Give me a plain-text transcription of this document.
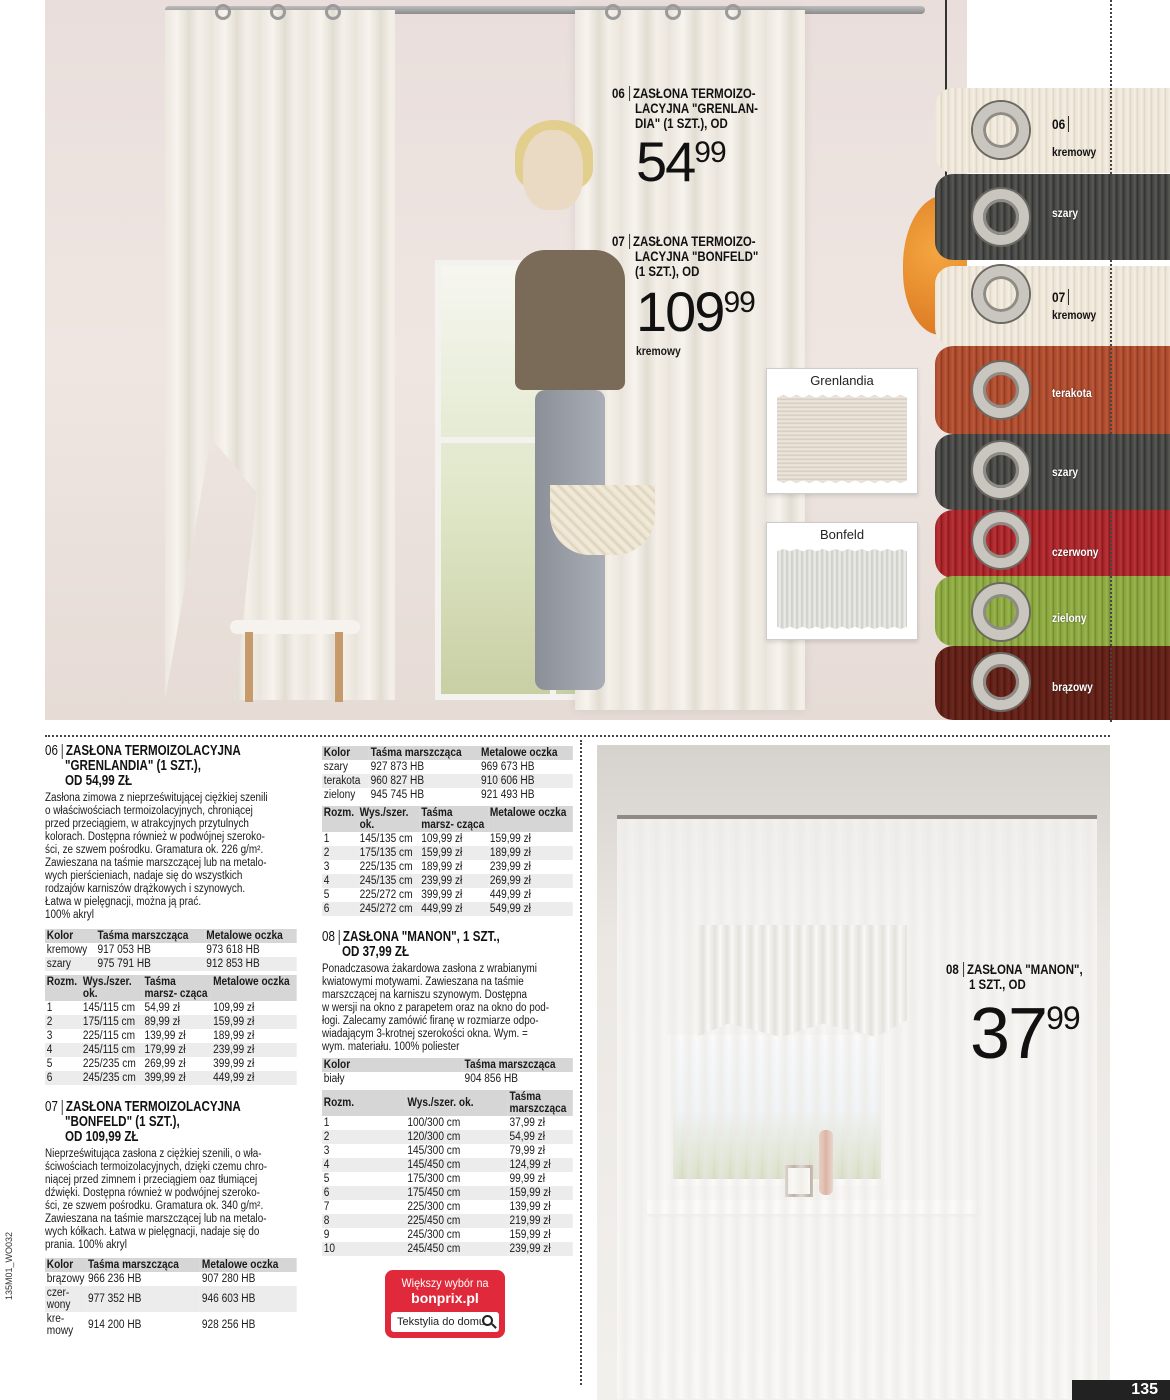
06
kremowy
szary
07
kremowy
terakota
szary
czerwony
zielony
brązowy
Grenlandia
Bonfeld
06 ZASŁONA TERMOIZO-
LACYJNA "GRENLAN-
DIA" (1 SZT.), OD
5499
07 ZASŁONA TERMOIZO-
LACYJNA "BONFELD"
(1 SZT.), OD
10999
kremowy
06 ZASŁONA TERMOIZOLACYJNA
"GRENLANDIA" (1 SZT.),
OD 54,99 ZŁ
Zasłona zimowa z nieprześwitującej ciężkiej szenili
o właściwościach termoizolacyjnych, chroniącej
przed przeciągiem, w atrakcyjnych przytulnych
kolorach. Dostępna również w podwójnej szeroko-
ści, ze szwem pośrodku. Gramatura ok. 226 g/m².
Zawieszana na taśmie marszczącej lub na metalo-
wych pierścieniach, nadaje się do wszystkich
rodzajów karniszów drążkowych i szynowych.
Łatwa w pielęgnacji, można ją prać.
100% akryl
Kolor	Taśma marszcząca	Metalowe oczka
kremowy	917 053 HB	973 618 HB
szary	975 791 HB	912 853 HB
Rozm.	Wys./szer. ok.	Taśma marsz- cząca	Metalowe oczka
1	145/115 cm	54,99 zł	109,99 zł
2	175/115 cm	89,99 zł	159,99 zł
3	225/115 cm	139,99 zł	189,99 zł
4	245/115 cm	179,99 zł	239,99 zł
5	225/235 cm	269,99 zł	399,99 zł
6	245/235 cm	399,99 zł	449,99 zł
07 ZASŁONA TERMOIZOLACYJNA
"BONFELD" (1 SZT.),
OD 109,99 ZŁ
Nieprześwitująca zasłona z ciężkiej szenili, o wła-
ściwościach termoizolacyjnych, dzięki czemu chro-
niącej przed zimnem i przeciągiem oaz tłumiącej
dźwięki. Dostępna również w podwójnej szeroko-
ści, ze szwem pośrodku. Gramatura ok. 340 g/m².
Zawieszana na taśmie marszczącej lub na metalo-
wych kółkach. Łatwa w pielęgnacji, nadaje się do
prania. 100% akryl
Kolor	Taśma marszcząca	Metalowe oczka
brązowy	966 236 HB	907 280 HB
czer- wony	977 352 HB	946 603 HB
kre- mowy	914 200 HB	928 256 HB
Kolor	Taśma marszcząca	Metalowe oczka
szary	927 873 HB	969 673 HB
terakota	960 827 HB	910 606 HB
zielony	945 745 HB	921 493 HB
Rozm.	Wys./szer. ok.	Taśma marsz- cząca	Metalowe oczka
1	145/135 cm	109,99 zł	159,99 zł
2	175/135 cm	159,99 zł	189,99 zł
3	225/135 cm	189,99 zł	239,99 zł
4	245/135 cm	239,99 zł	269,99 zł
5	225/272 cm	399,99 zł	449,99 zł
6	245/272 cm	449,99 zł	549,99 zł
08 ZASŁONA "MANON", 1 SZT.,
OD 37,99 ZŁ
Ponadczasowa żakardowa zasłona z wrabianymi
kwiatowymi motywami. Zawieszana na taśmie
marszczącej na karniszu szynowym. Dostępna
w wersji na okno z parapetem oraz na okno do pod-
łogi. Zalecamy zamówić firanę w rozmiarze odpo-
wiadającym 3-krotnej szerokości okna. Wym. =
wym. materiału. 100% poliester
Kolor	Taśma marszcząca
biały	904 856 HB
Rozm.	Wys./szer. ok.	Taśma marszcząca
1	100/300 cm	37,99 zł
2	120/300 cm	54,99 zł
3	145/300 cm	79,99 zł
4	145/450 cm	124,99 zł
5	175/300 cm	99,99 zł
6	175/450 cm	159,99 zł
7	225/300 cm	139,99 zł
8	225/450 cm	219,99 zł
9	245/300 cm	159,99 zł
10	245/450 cm	239,99 zł
Większy wybór na
bonprix.pl
Tekstylia do domu
08 ZASŁONA "MANON",
1 SZT., OD
3799
135
135M01_WO032
